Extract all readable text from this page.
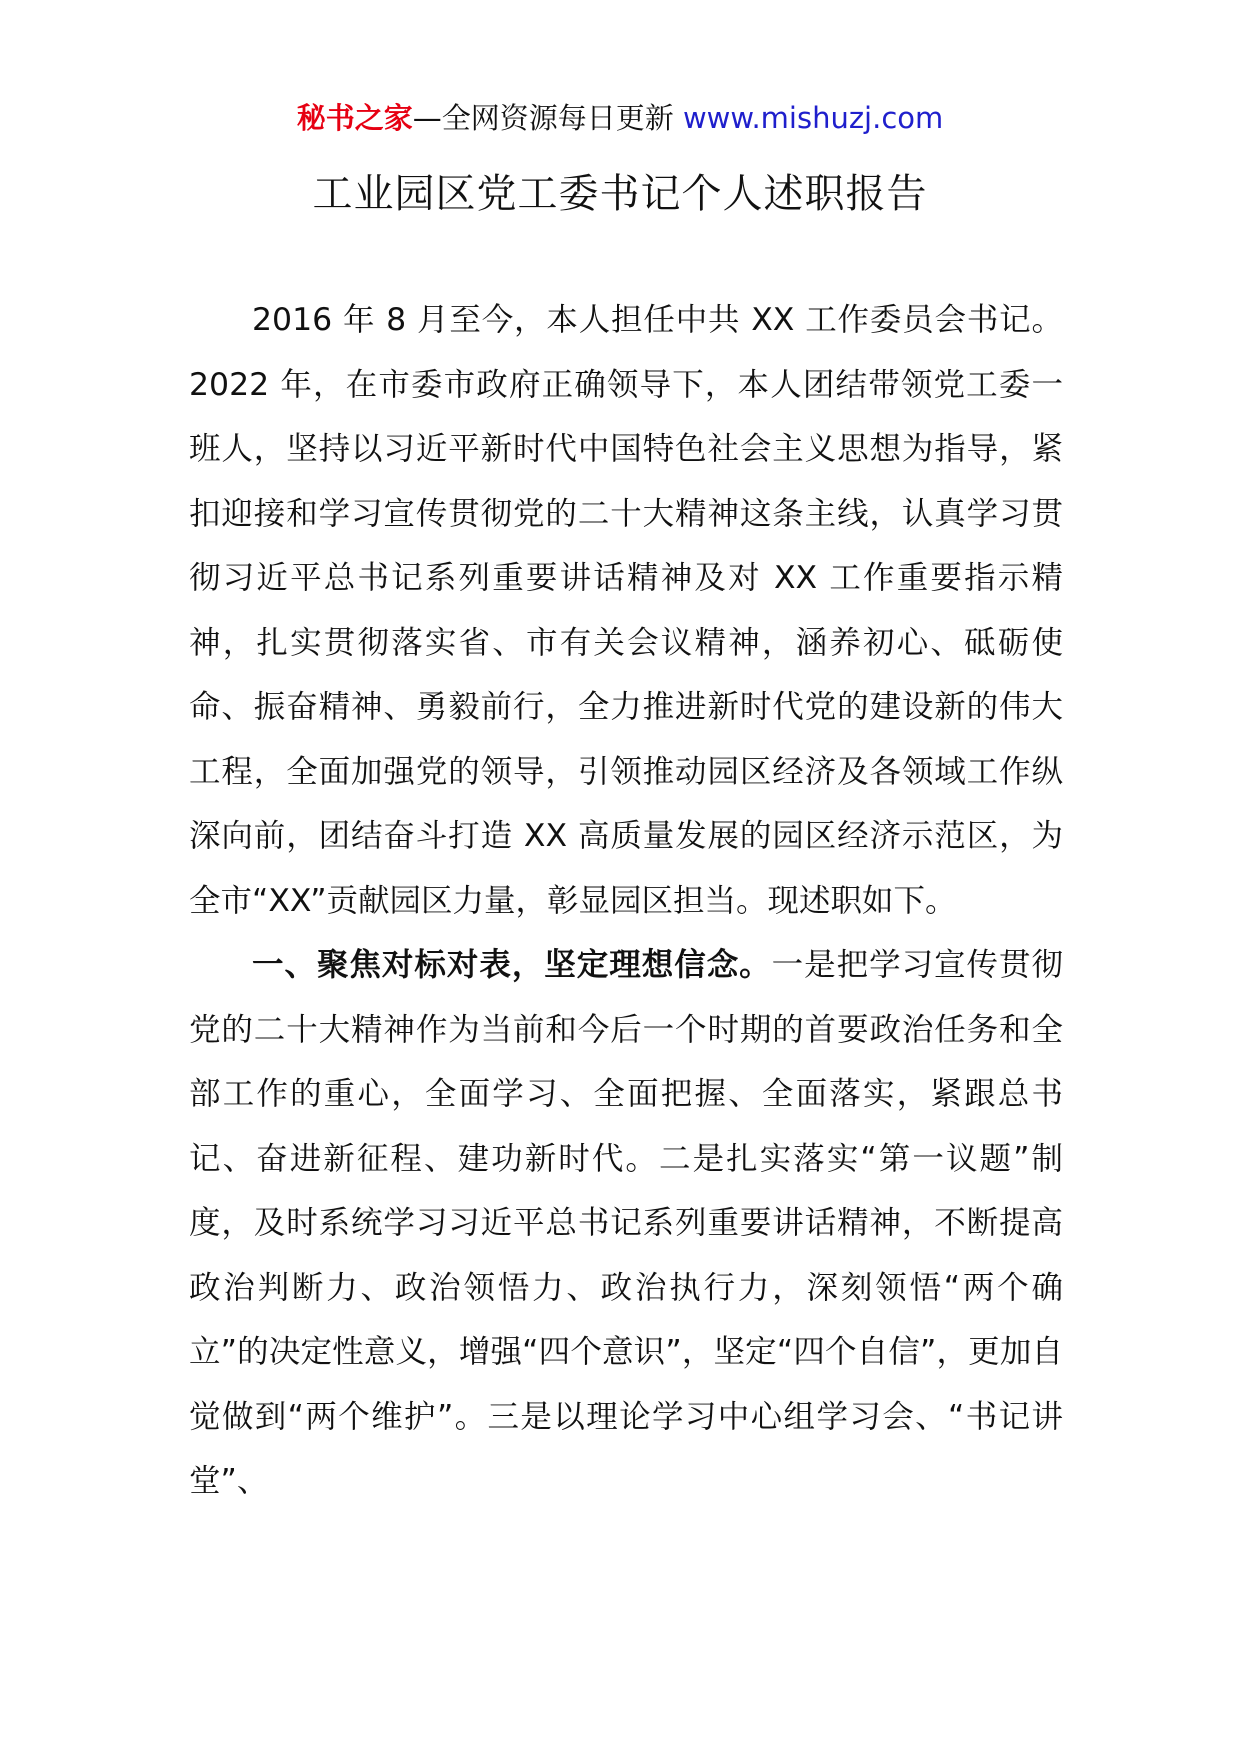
秘书之家—全网资源每日更新 www.mishuzj.com
工业园区党工委书记个人述职报告

2016 年 8 月至今，本人担任中共 XX 工作委员会书记。2022 年，在市委市政府正确领导下，本人团结带领党工委一班人，坚持以习近平新时代中国特色社会主义思想为指导，紧扣迎接和学习宣传贯彻党的二十大精神这条主线，认真学习贯彻习近平总书记系列重要讲话精神及对 XX 工作重要指示精神，扎实贯彻落实省、市有关会议精神，涵养初心、砥砺使命、振奋精神、勇毅前行，全力推进新时代党的建设新的伟大工程，全面加强党的领导，引领推动园区经济及各领域工作纵深向前，团结奋斗打造 XX 高质量发展的园区经济示范区，为全市“XX”贡献园区力量，彰显园区担当。现述职如下。

一、聚焦对标对表，坚定理想信念。一是把学习宣传贯彻党的二十大精神作为当前和今后一个时期的首要政治任务和全部工作的重心，全面学习、全面把握、全面落实，紧跟总书记、奋进新征程、建功新时代。二是扎实落实“第一议题”制度，及时系统学习习近平总书记系列重要讲话精神，不断提高政治判断力、政治领悟力、政治执行力，深刻领悟“两个确立”的决定性意义，增强“四个意识”，坚定“四个自信”，更加自觉做到“两个维护”。三是以理论学习中心组学习会、“书记讲堂”、
